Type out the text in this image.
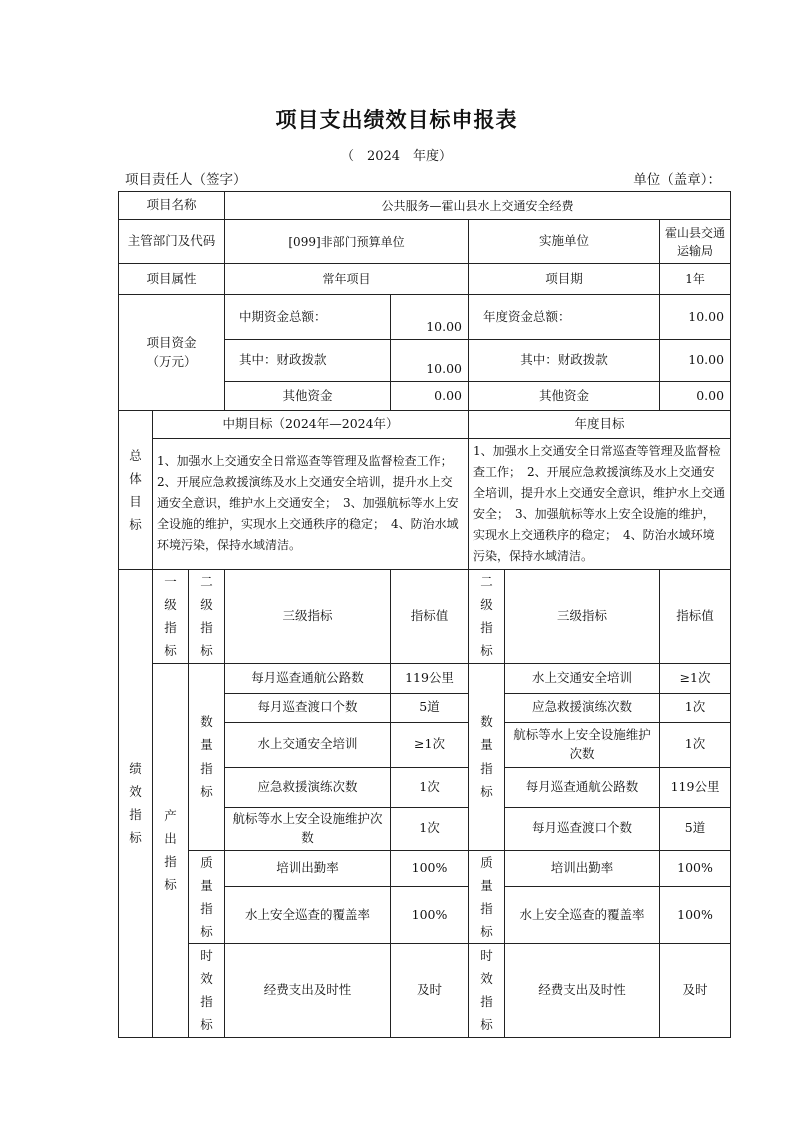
项目支出绩效目标申报表
（　2024　年度）
项目责任人（签字）	单位（盖章）：
项目名称			公共服务—霍山县水上交通安全经费				
主管部门及代码			[099]非部门预算单位		实施单位		霍山县交通运输局
项目属性			常年项目		项目期		1年
项目资金（万元）			中期资金总额：	10.00	年度资金总额：		10.00
			其中：财政拨款	10.00	其中：财政拨款		10.00
			其他资金	0.00	其他资金		0.00
总体目标	中期目标（2024年—2024年）				年度目标		
	1、加强水上交通安全日常巡查等管理及监督检查工作；2、开展应急救援演练及水上交通安全培训，提升水上交通安全意识，维护水上交通安全；　3、加强航标等水上安全设施的维护，实现水上交通秩序的稳定；　4、防治水域环境污染，保持水域清洁。				1、加强水上交通安全日常巡查等管理及监督检查工作；　2、开展应急救援演练及水上交通安全培训，提升水上交通安全意识，维护水上交通安全；　3、加强航标等水上安全设施的维护，实现水上交通秩序的稳定；　4、防治水域环境污染，保持水域清洁。		
绩效指标	一级指标	二级指标	三级指标	指标值	二级指标	三级指标	指标值
	产出指标	数量指标	每月巡查通航公路数	119公里	数量指标	水上交通安全培训	≥1次
			每月巡查渡口个数	5道		应急救援演练次数	1次
			水上交通安全培训	≥1次		航标等水上安全设施维护次数	1次
			应急救援演练次数	1次		每月巡查通航公路数	119公里
			航标等水上安全设施维护次数	1次		每月巡查渡口个数	5道
		质量指标	培训出勤率	100%	质量指标	培训出勤率	100%
			水上安全巡查的覆盖率	100%		水上安全巡查的覆盖率	100%
		时效指标	经费支出及时性	及时	时效指标	经费支出及时性	及时
